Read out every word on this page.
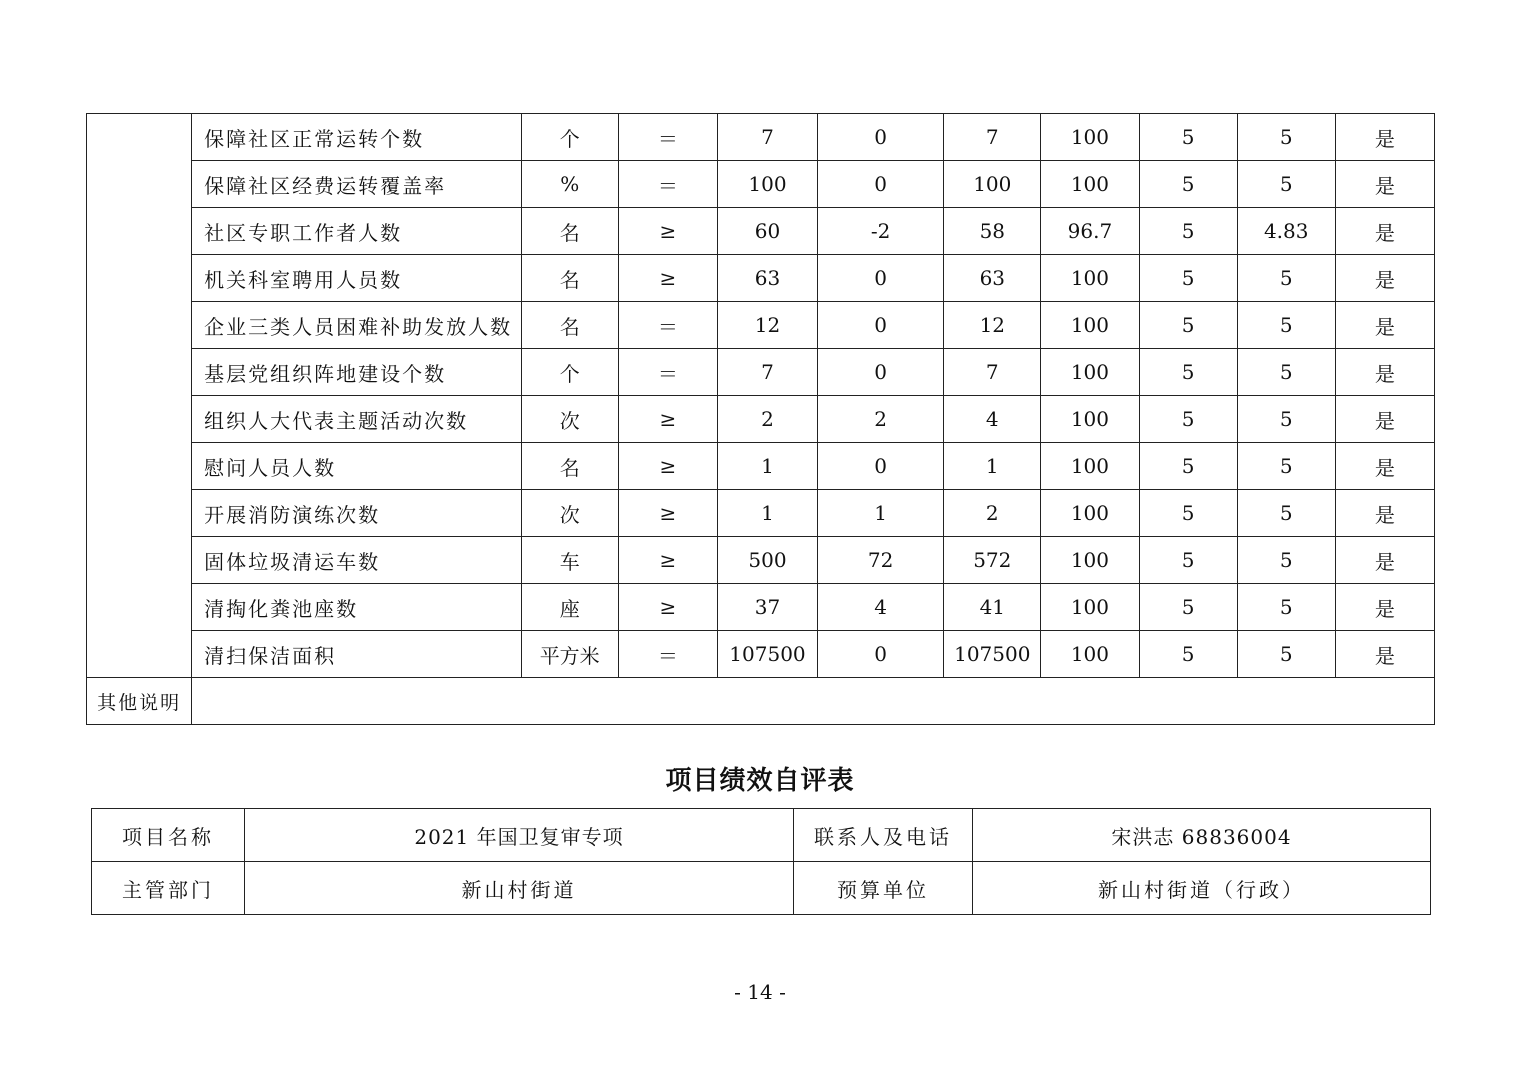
	保障社区正常运转个数	个	＝	7	0	7	100	5	5	是
	保障社区经费运转覆盖率	%	＝	100	0	100	100	5	5	是
	社区专职工作者人数	名	≥	60	-2	58	96.7	5	4.83	是
	机关科室聘用人员数	名	≥	63	0	63	100	5	5	是
	企业三类人员困难补助发放人数	名	＝	12	0	12	100	5	5	是
	基层党组织阵地建设个数	个	＝	7	0	7	100	5	5	是
	组织人大代表主题活动次数	次	≥	2	2	4	100	5	5	是
	慰问人员人数	名	≥	1	0	1	100	5	5	是
	开展消防演练次数	次	≥	1	1	2	100	5	5	是
	固体垃圾清运车数	车	≥	500	72	572	100	5	5	是
	清掏化粪池座数	座	≥	37	4	41	100	5	5	是
	清扫保洁面积	平方米	＝	107500	0	107500	100	5	5	是
其他说明										
项目绩效自评表
项目名称	2021 年国卫复审专项	联系人及电话	宋洪志 68836004
主管部门	新山村街道	预算单位	新山村街道（行政）
- 14 -
